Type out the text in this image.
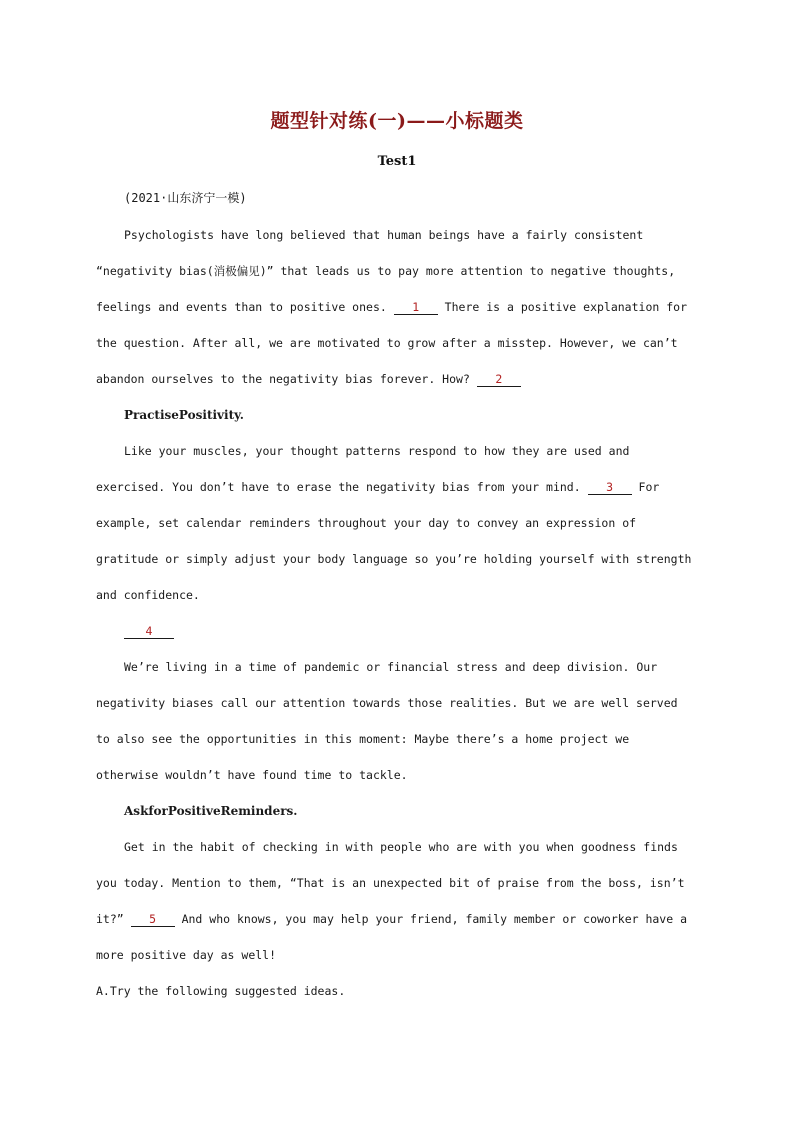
题型针对练(一)——小标题类
Test1
(2021·山东济宁一模)

Psychologists have long believed that human beings have a fairly consistent “negativity bias(消极偏见)” that leads us to pay more attention to negative thoughts, feelings and events than to positive ones. 1 There is a positive explanation for the question. After all, we are motivated to grow after a misstep. However, we can’t abandon ourselves to the negativity bias forever. How? 2

PractisePositivity.

Like your muscles, your thought patterns respond to how they are used and exercised. You don’t have to erase the negativity bias from your mind. 3 For example, set calendar reminders throughout your day to convey an expression of gratitude or simply adjust your body language so you’re holding yourself with strength and confidence.

4

We’re living in a time of pandemic or financial stress and deep division. Our negativity biases call our attention towards those realities. But we are well served to also see the opportunities in this moment: Maybe there’s a home project we otherwise wouldn’t have found time to tackle.

AskforPositiveReminders.

Get in the habit of checking in with people who are with you when goodness finds you today. Mention to them, “That is an unexpected bit of praise from the boss, isn’t it?” 5 And who knows, you may help your friend, family member or coworker have a more positive day as well!

A.Try the following suggested ideas.
